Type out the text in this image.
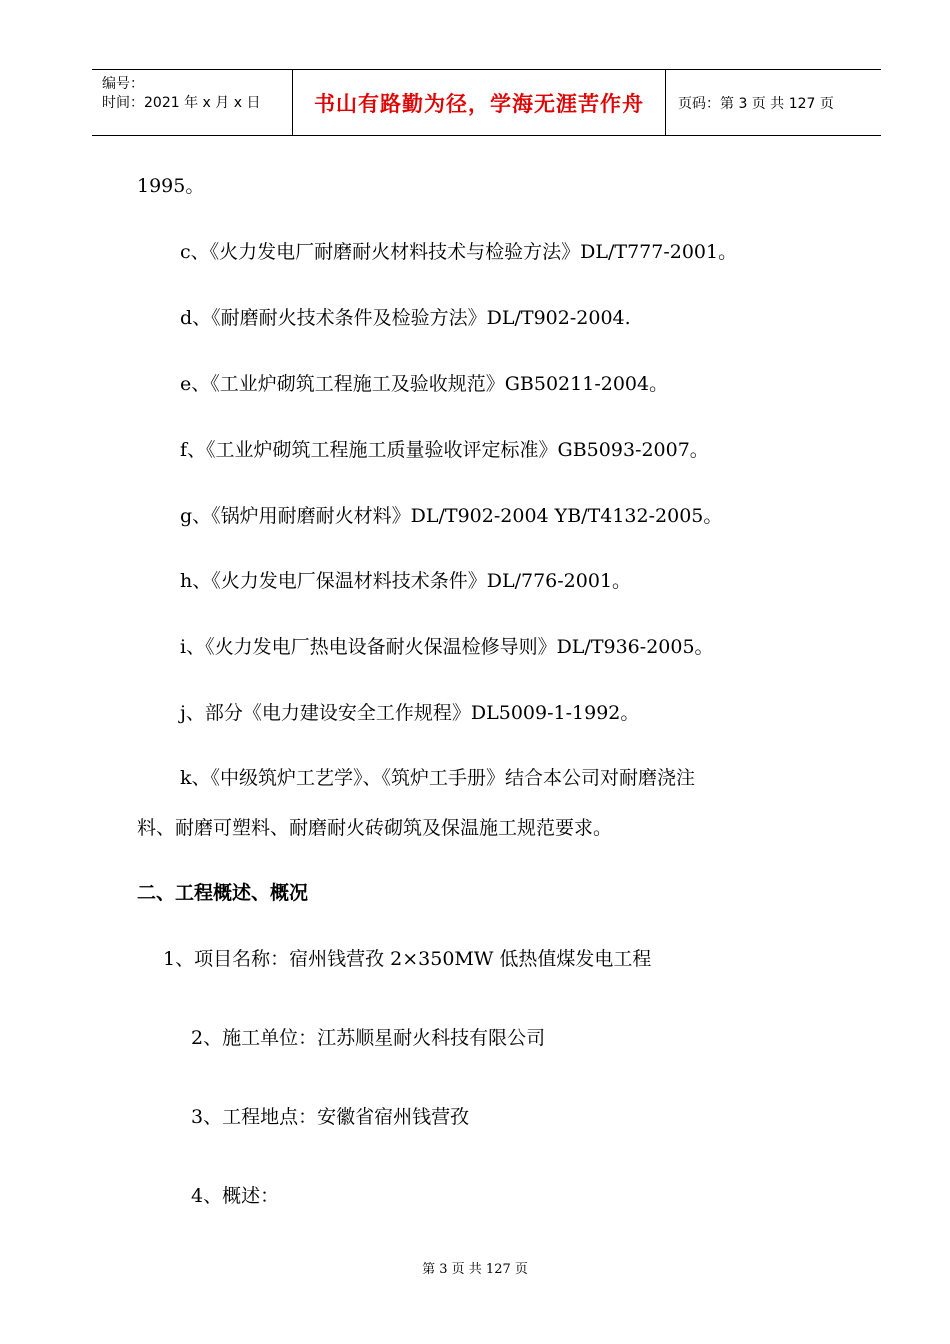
编号：
时间：2021 年 x 月 x 日	书山有路勤为径，学海无涯苦作舟	页码：第 3 页 共 127 页
1995。
c、《火力发电厂耐磨耐火材料技术与检验方法》DL/T777-2001。
d、《耐磨耐火技术条件及检验方法》DL/T902-2004.
e、《工业炉砌筑工程施工及验收规范》GB50211-2004。
f、《工业炉砌筑工程施工质量验收评定标准》GB5093-2007。
g、《锅炉用耐磨耐火材料》DL/T902-2004 YB/T4132-2005。
h、《火力发电厂保温材料技术条件》DL/776-2001。
i、《火力发电厂热电设备耐火保温检修导则》DL/T936-2005。
j、部分《电力建设安全工作规程》DL5009-1-1992。
k、《中级筑炉工艺学》、《筑炉工手册》结合本公司对耐磨浇注
料、耐磨可塑料、耐磨耐火砖砌筑及保温施工规范要求。
二、工程概述、概况
1、项目名称：宿州钱营孜 2×350MW 低热值煤发电工程
2、施工单位：江苏顺星耐火科技有限公司
3、工程地点：安徽省宿州钱营孜
4、概述：
第 3 页 共 127 页
